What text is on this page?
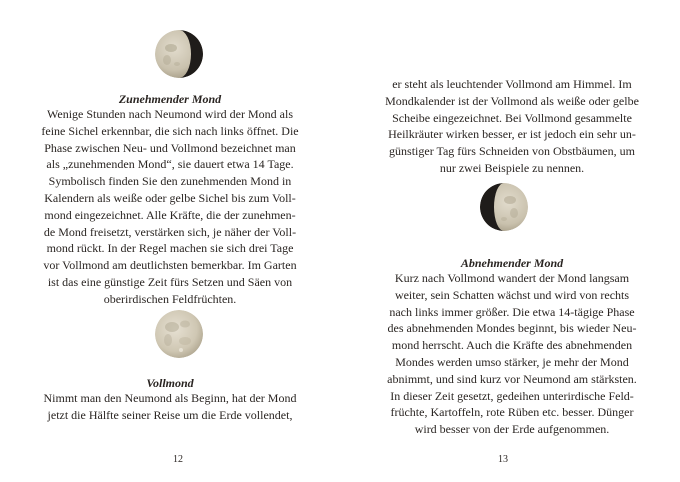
Zunehmender Mond

Wenige Stunden nach Neumond wird der Mond als
feine Sichel erkennbar, die sich nach links öffnet. Die
Phase zwischen Neu- und Vollmond bezeichnet man
als „zunehmenden Mond“, sie dauert etwa 14 Tage.
Symbolisch finden Sie den zunehmenden Mond in
Kalendern als weiße oder gelbe Sichel bis zum Voll-
mond eingezeichnet. Alle Kräfte, die der zunehmen-
de Mond freisetzt, verstärken sich, je näher der Voll-
mond rückt. In der Regel machen sie sich drei Tage
vor Vollmond am deutlichsten bemerkbar. Im Garten
ist das eine günstige Zeit fürs Setzen und Säen von
oberirdischen Feldfrüchten.

Vollmond

Nimmt man den Neumond als Beginn, hat der Mond
jetzt die Hälfte seiner Reise um die Erde vollendet,

12

er steht als leuchtender Vollmond am Himmel. Im
Mondkalender ist der Vollmond als weiße oder gelbe
Scheibe eingezeichnet. Bei Vollmond gesammelte
Heilkräuter wirken besser, er ist jedoch ein sehr un-
günstiger Tag fürs Schneiden von Obstbäumen, um
nur zwei Beispiele zu nennen.

Abnehmender Mond

Kurz nach Vollmond wandert der Mond langsam
weiter, sein Schatten wächst und wird von rechts
nach links immer größer. Die etwa 14-tägige Phase
des abnehmenden Mondes beginnt, bis wieder Neu-
mond herrscht. Auch die Kräfte des abnehmenden
Mondes werden umso stärker, je mehr der Mond
abnimmt, und sind kurz vor Neumond am stärksten.
In dieser Zeit gesetzt, gedeihen unterirdische Feld-
früchte, Kartoffeln, rote Rüben etc. besser. Dünger
wird besser von der Erde aufgenommen.

13
